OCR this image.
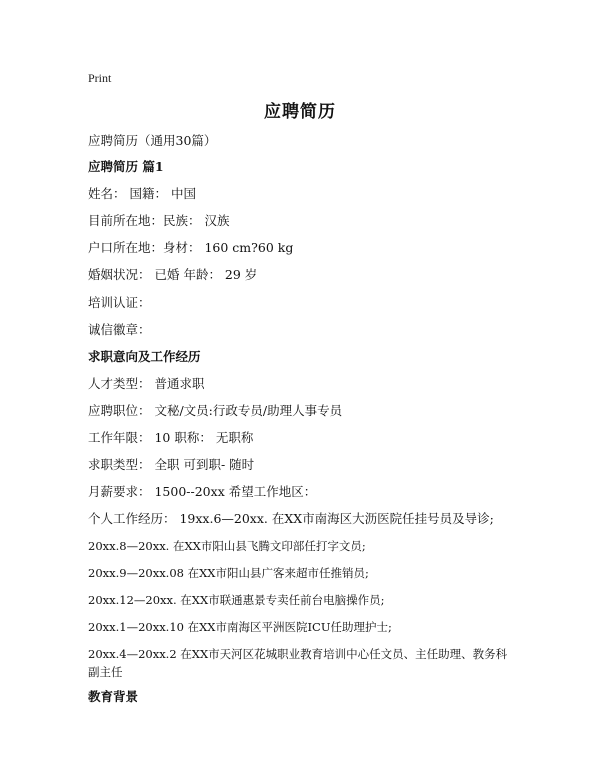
Print
应聘简历
应聘简历（通用30篇）
应聘简历 篇1
姓名： 国籍： 中国
目前所在地：民族： 汉族
户口所在地：身材： 160 cm?60 kg
婚姻状况： 已婚 年龄： 29 岁
培训认证：
诚信徽章：
求职意向及工作经历
人才类型： 普通求职
应聘职位： 文秘/文员:行政专员/助理人事专员
工作年限： 10 职称： 无职称
求职类型： 全职 可到职- 随时
月薪要求： 1500--20xx 希望工作地区：
个人工作经历： 19xx.6—20xx. 在XX市南海区大沥医院任挂号员及导诊;
20xx.8—20xx. 在XX市阳山县飞腾文印部任打字文员;
20xx.9—20xx.08 在XX市阳山县广客来超市任推销员;
20xx.12—20xx. 在XX市联通惠景专卖任前台电脑操作员;
20xx.1—20xx.10 在XX市南海区平洲医院ICU任助理护士;
20xx.4—20xx.2 在XX市天河区花城职业教育培训中心任文员、主任助理、教务科副主任
教育背景
